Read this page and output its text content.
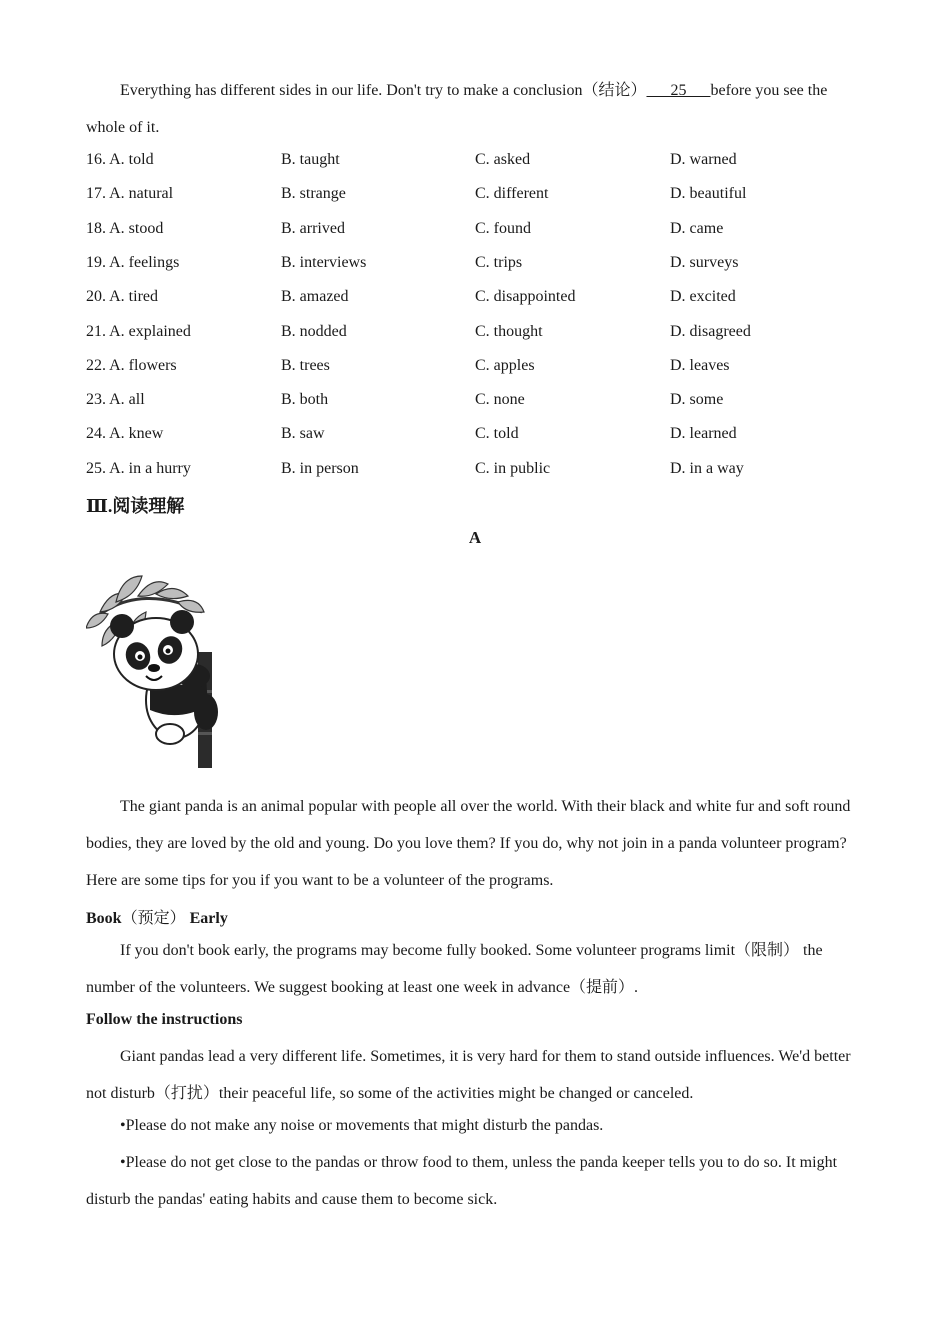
Everything has different sides in our life. Don't try to make a conclusion（结论）      25      before you see the whole of it.

16. A. told	B. taught	C. asked	D. warned
17. A. natural	B. strange	C. different	D. beautiful
18. A. stood	B. arrived	C. found	D. came
19. A. feelings	B. interviews	C. trips	D. surveys
20. A. tired	B. amazed	C. disappointed	D. excited
21. A. explained	B. nodded	C. thought	D. disagreed
22. A. flowers	B. trees	C. apples	D. leaves
23. A. all	B. both	C. none	D. some
24. A. knew	B. saw	C. told	D. learned
25. A. in a hurry	B. in person	C. in public	D. in a way
Ⅲ.阅读理解
A

The giant panda is an animal popular with people all over the world. With their black and white fur and soft round bodies, they are loved by the old and young. Do you love them? If you do, why not join in a panda volunteer program? Here are some tips for you if you want to be a volunteer of the programs.

Book（预定） Early

If you don't book early, the programs may become fully booked. Some volunteer programs limit（限制） the number of the volunteers. We suggest booking at least one week in advance（提前）.

Follow the instructions

Giant pandas lead a very different life. Sometimes, it is very hard for them to stand outside influences. We'd better not disturb（打扰）their peaceful life, so some of the activities might be changed or canceled.

•Please do not make any noise or movements that might disturb the pandas.

•Please do not get close to the pandas or throw food to them, unless the panda keeper tells you to do so. It might disturb the pandas' eating habits and cause them to become sick.
